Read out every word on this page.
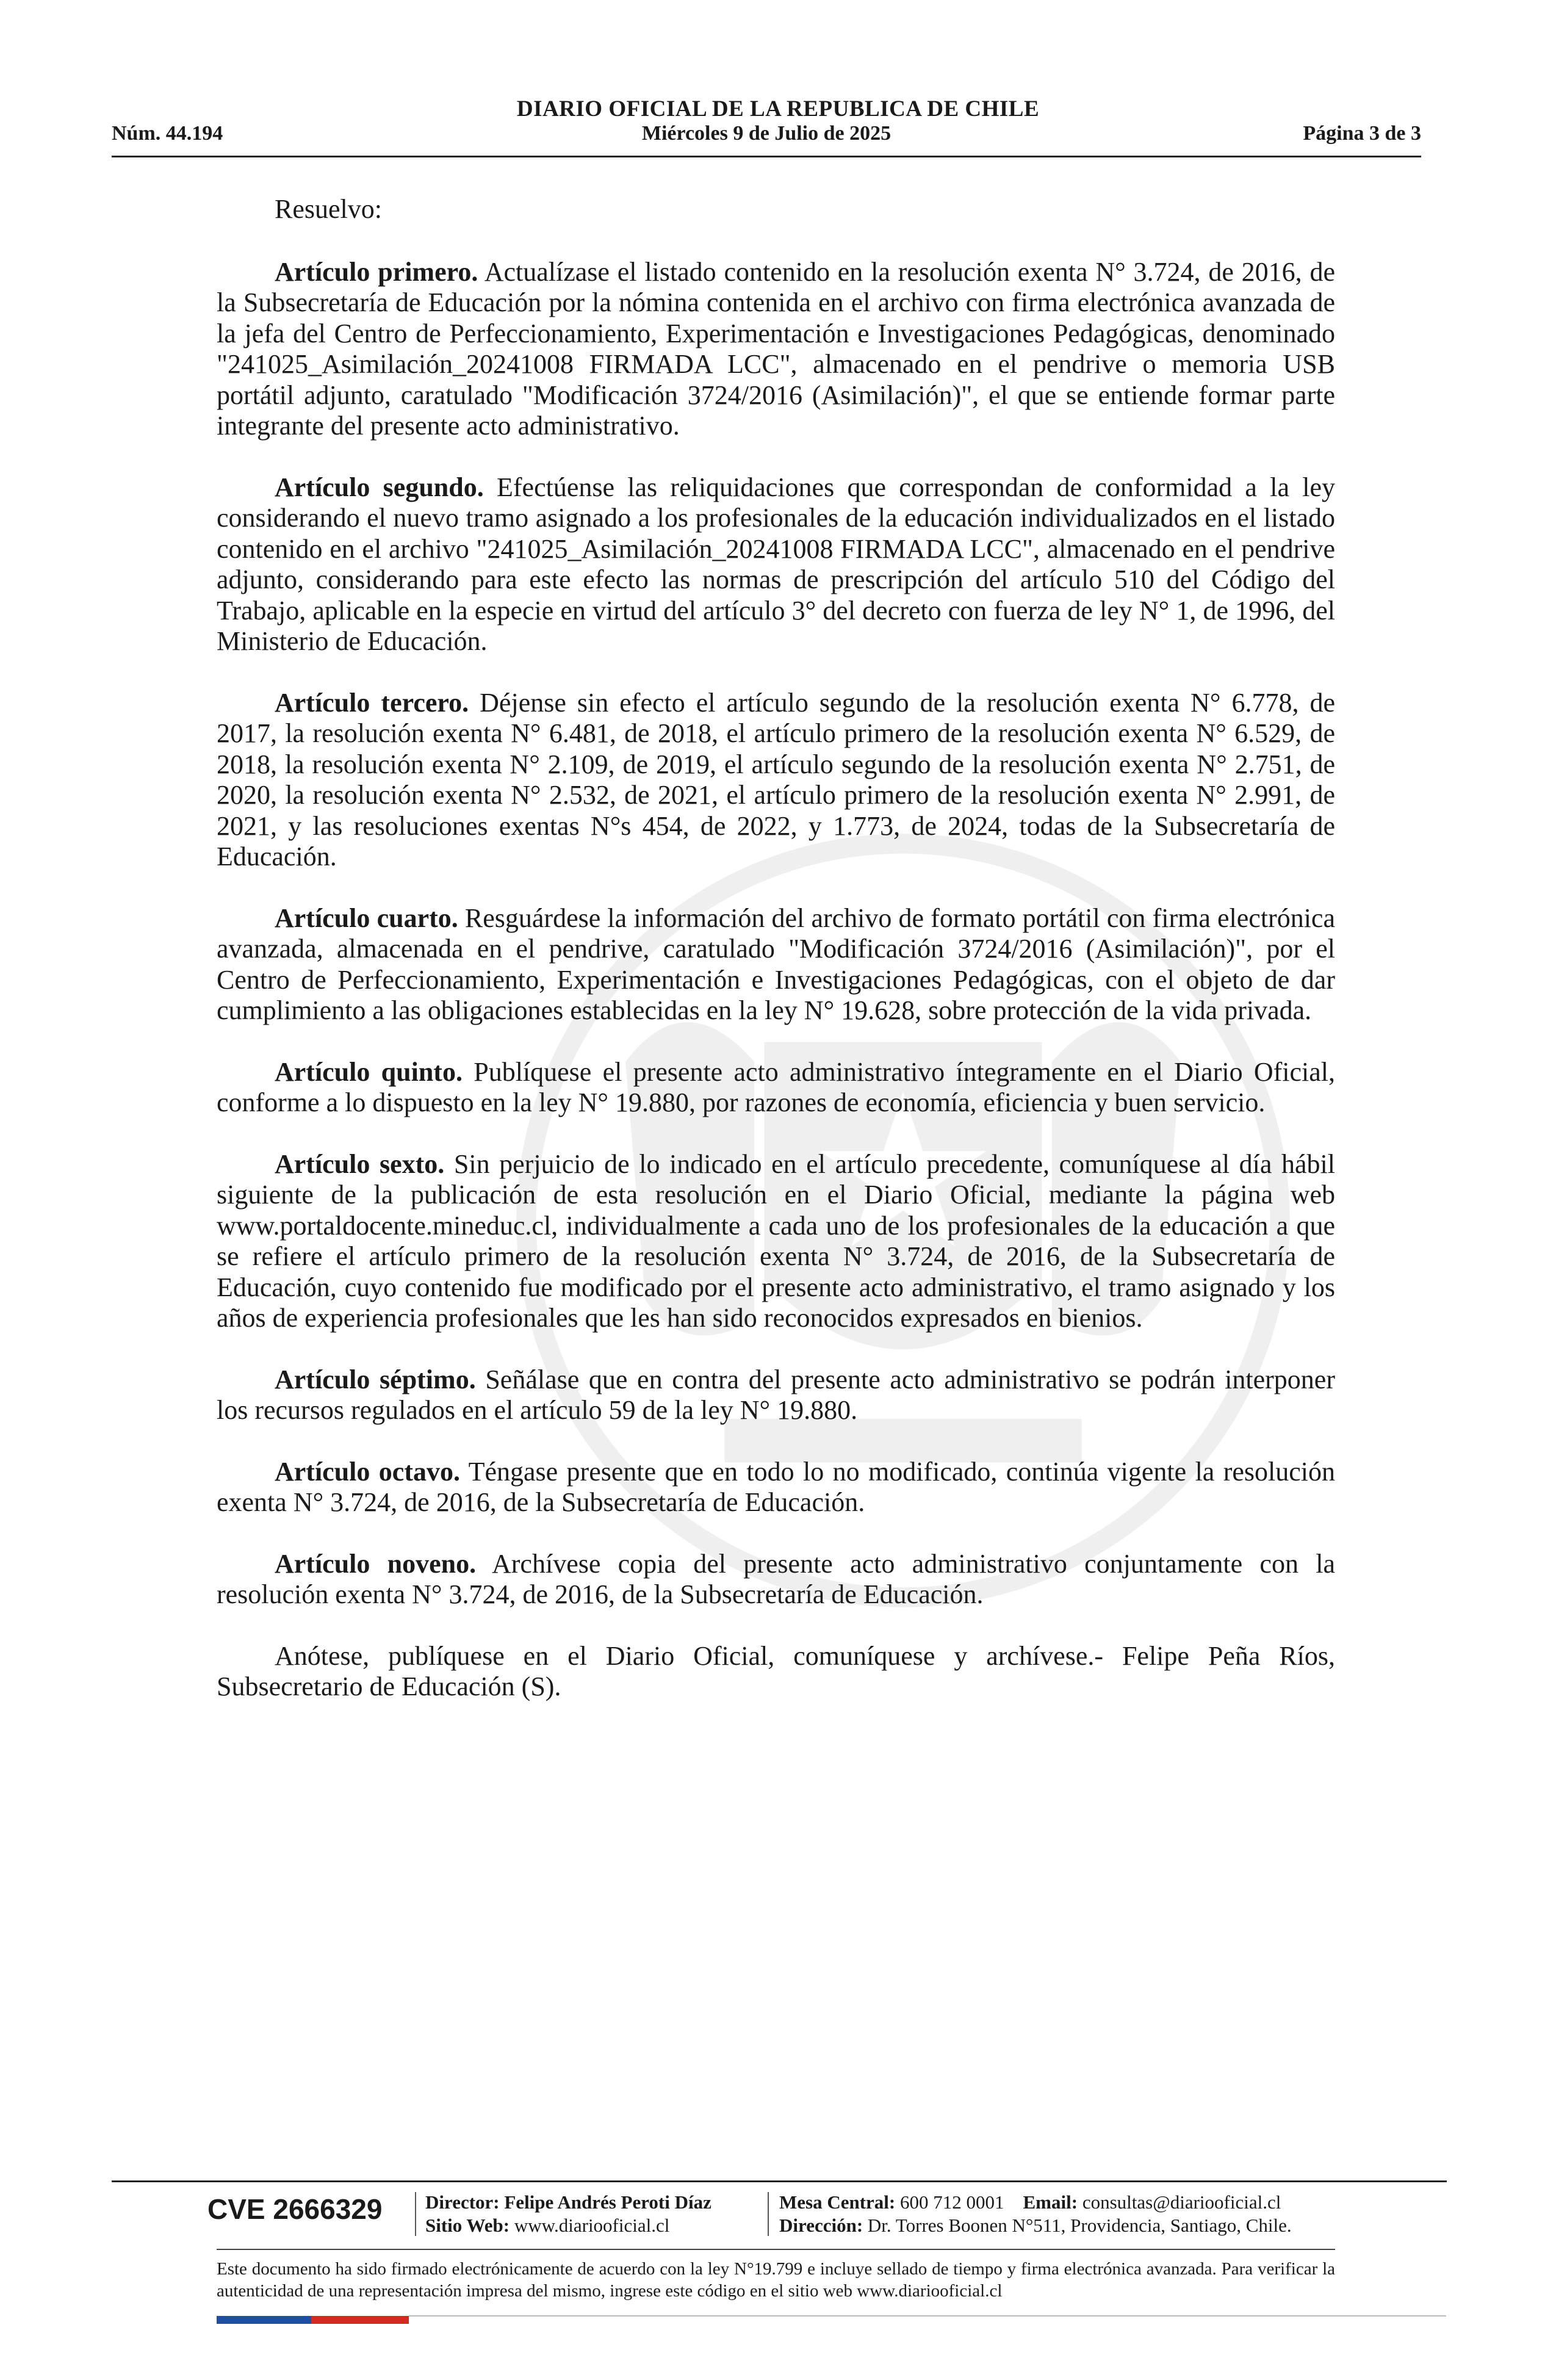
DIARIO OFICIAL DE LA REPUBLICA DE CHILE
Miércoles 9 de Julio de 2025
Núm. 44.194	Página 3 de 3

Resuelvo:

Artículo primero. Actualízase el listado contenido en la resolución exenta N° 3.724, de 2016, de la Subsecretaría de Educación por la nómina contenida en el archivo con firma electrónica avanzada de la jefa del Centro de Perfeccionamiento, Experimentación e Investigaciones Pedagógicas, denominado "241025_Asimilación_20241008 FIRMADA LCC", almacenado en el pendrive o memoria USB portátil adjunto, caratulado "Modificación 3724/2016 (Asimilación)", el que se entiende formar parte integrante del presente acto administrativo.

Artículo segundo. Efectúense las reliquidaciones que correspondan de conformidad a la ley considerando el nuevo tramo asignado a los profesionales de la educación individualizados en el listado contenido en el archivo "241025_Asimilación_20241008 FIRMADA LCC", almacenado en el pendrive adjunto, considerando para este efecto las normas de prescripción del artículo 510 del Código del Trabajo, aplicable en la especie en virtud del artículo 3° del decreto con fuerza de ley N° 1, de 1996, del Ministerio de Educación.

Artículo tercero. Déjense sin efecto el artículo segundo de la resolución exenta N° 6.778, de 2017, la resolución exenta N° 6.481, de 2018, el artículo primero de la resolución exenta N° 6.529, de 2018, la resolución exenta N° 2.109, de 2019, el artículo segundo de la resolución exenta N° 2.751, de 2020, la resolución exenta N° 2.532, de 2021, el artículo primero de la resolución exenta N° 2.991, de 2021, y las resoluciones exentas N°s 454, de 2022, y 1.773, de 2024, todas de la Subsecretaría de Educación.

Artículo cuarto. Resguárdese la información del archivo de formato portátil con firma electrónica avanzada, almacenada en el pendrive, caratulado "Modificación 3724/2016 (Asimilación)", por el Centro de Perfeccionamiento, Experimentación e Investigaciones Pedagógicas, con el objeto de dar cumplimiento a las obligaciones establecidas en la ley N° 19.628, sobre protección de la vida privada.

Artículo quinto. Publíquese el presente acto administrativo íntegramente en el Diario Oficial, conforme a lo dispuesto en la ley N° 19.880, por razones de economía, eficiencia y buen servicio.

Artículo sexto. Sin perjuicio de lo indicado en el artículo precedente, comuníquese al día hábil siguiente de la publicación de esta resolución en el Diario Oficial, mediante la página web www.portaldocente.mineduc.cl, individualmente a cada uno de los profesionales de la educación a que se refiere el artículo primero de la resolución exenta N° 3.724, de 2016, de la Subsecretaría de Educación, cuyo contenido fue modificado por el presente acto administrativo, el tramo asignado y los años de experiencia profesionales que les han sido reconocidos expresados en bienios.

Artículo séptimo. Señálase que en contra del presente acto administrativo se podrán interponer los recursos regulados en el artículo 59 de la ley N° 19.880.

Artículo octavo. Téngase presente que en todo lo no modificado, continúa vigente la resolución exenta N° 3.724, de 2016, de la Subsecretaría de Educación.

Artículo noveno. Archívese copia del presente acto administrativo conjuntamente con la resolución exenta N° 3.724, de 2016, de la Subsecretaría de Educación.

Anótese, publíquese en el Diario Oficial, comuníquese y archívese.- Felipe Peña Ríos, Subsecretario de Educación (S).

CVE 2666329 Director: Felipe Andrés Peroti Díaz
Sitio Web: www.diariooficial.cl
Mesa Central: 600 712 0001 Email: consultas@diariooficial.cl
Dirección: Dr. Torres Boonen N°511, Providencia, Santiago, Chile.
Este documento ha sido firmado electrónicamente de acuerdo con la ley N°19.799 e incluye sellado de tiempo y firma electrónica avanzada. Para verificar la autenticidad de una representación impresa del mismo, ingrese este código en el sitio web www.diariooficial.cl
